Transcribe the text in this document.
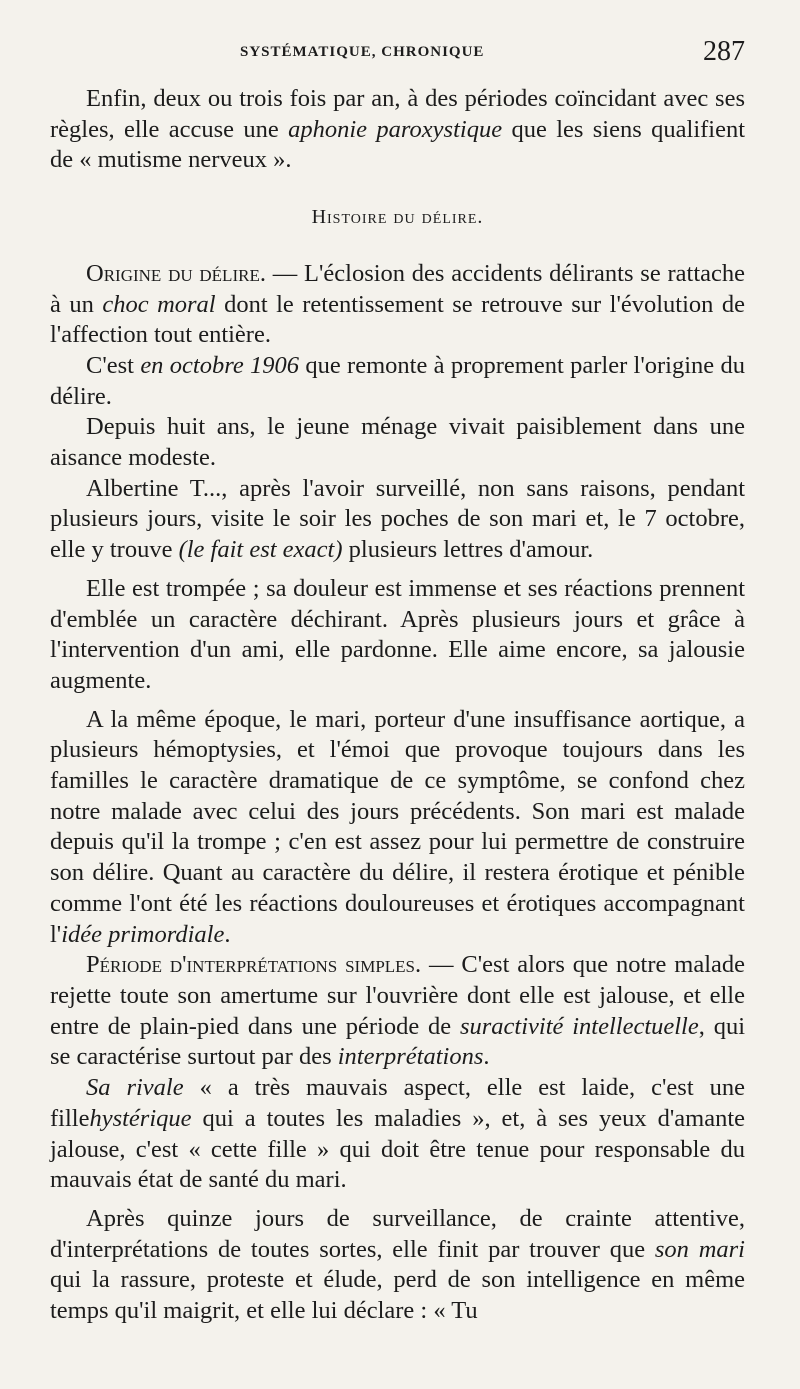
SYSTÉMATIQUE, CHRONIQUE	287

Enfin, deux ou trois fois par an, à des périodes coïncidant avec ses règles, elle accuse une aphonie paroxystique que les siens qualifient de « mutisme nerveux ».

Histoire du délire.

Origine du délire. — L'éclosion des accidents délirants se rattache à un choc moral dont le retentissement se retrouve sur l'évolution de l'affection tout entière.

C'est en octobre 1906 que remonte à proprement parler l'origine du délire.

Depuis huit ans, le jeune ménage vivait paisiblement dans une aisance modeste.

Albertine T..., après l'avoir surveillé, non sans raisons, pendant plusieurs jours, visite le soir les poches de son mari et, le 7 octobre, elle y trouve (le fait est exact) plusieurs lettres d'amour.

Elle est trompée ; sa douleur est immense et ses réactions prennent d'emblée un caractère déchirant. Après plusieurs jours et grâce à l'intervention d'un ami, elle pardonne. Elle aime encore, sa jalousie augmente.

A la même époque, le mari, porteur d'une insuffisance aortique, a plusieurs hémoptysies, et l'émoi que provoque toujours dans les familles le caractère dramatique de ce symptôme, se confond chez notre malade avec celui des jours précédents. Son mari est malade depuis qu'il la trompe ; c'en est assez pour lui permettre de construire son délire. Quant au caractère du délire, il restera érotique et pénible comme l'ont été les réactions douloureuses et érotiques accompagnant l'idée primordiale.

Période d'interprétations simples. — C'est alors que notre malade rejette toute son amertume sur l'ouvrière dont elle est jalouse, et elle entre de plain-pied dans une période de suractivité intellectuelle, qui se caractérise surtout par des interprétations.

Sa rivale « a très mauvais aspect, elle est laide, c'est une fillehystérique qui a toutes les maladies », et, à ses yeux d'amante jalouse, c'est « cette fille » qui doit être tenue pour responsable du mauvais état de santé du mari.

Après quinze jours de surveillance, de crainte attentive, d'interprétations de toutes sortes, elle finit par trouver que son mari qui la rassure, proteste et élude, perd de son intelligence en même temps qu'il maigrit, et elle lui déclare : « Tu
